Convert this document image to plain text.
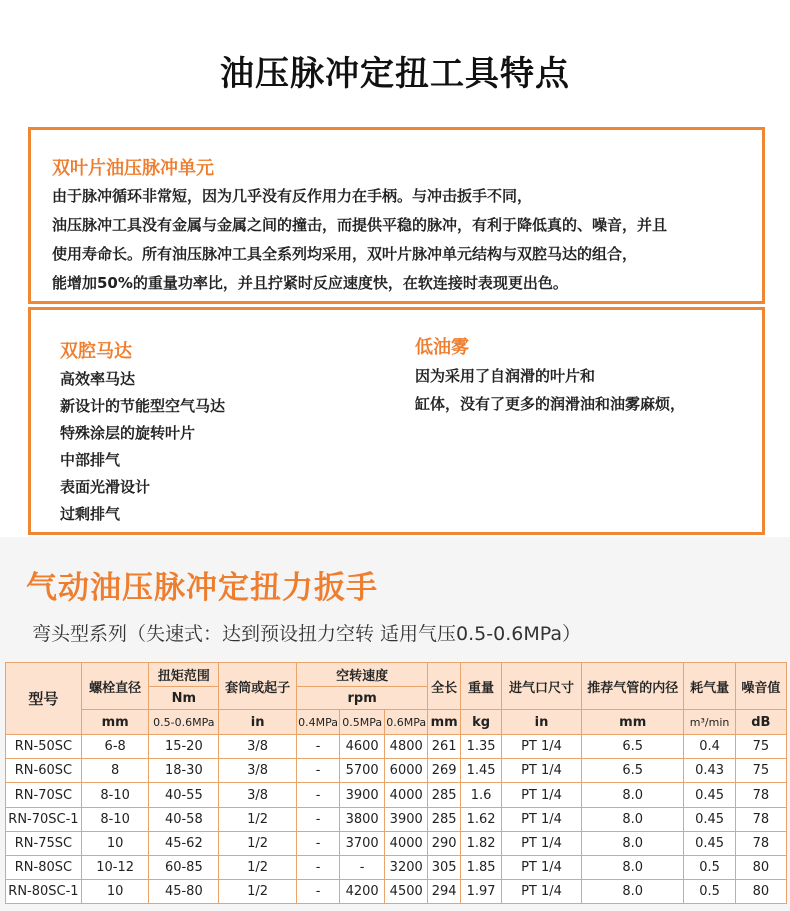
油压脉冲定扭工具特点
双叶片油压脉冲单元
由于脉冲循环非常短，因为几乎没有反作用力在手柄。与冲击扳手不同，
油压脉冲工具没有金属与金属之间的撞击，而提供平稳的脉冲，有利于降低真的、噪音，并且
使用寿命长。所有油压脉冲工具全系列均采用，双叶片脉冲单元结构与双腔马达的组合，
能增加50%的重量功率比，并且拧紧时反应速度快，在软连接时表现更出色。
双腔马达
高效率马达
新设计的节能型空气马达
特殊涂层的旋转叶片
中部排气
表面光滑设计
过剩排气
低油雾
因为采用了自润滑的叶片和
缸体，没有了更多的润滑油和油雾麻烦，
气动油压脉冲定扭力扳手
弯头型系列（失速式：达到预设扭力空转 适用气压0.5-0.6MPa）
型号	螺栓直径	扭矩范围	套筒或起子	空转速度			全长	重量	进气口尺寸	推荐气管的内径	耗气量	噪音值
		Nm		rpm								
	mm	0.5-0.6MPa	in	0.4MPa	0.5MPa	0.6MPa	mm	kg	in	mm	m³/min	dB
RN-50SC	6-8	15-20	3/8	-	4600	4800	261	1.35	PT 1/4	6.5	0.4	75
RN-60SC	8	18-30	3/8	-	5700	6000	269	1.45	PT 1/4	6.5	0.43	75
RN-70SC	8-10	40-55	3/8	-	3900	4000	285	1.6	PT 1/4	8.0	0.45	78
RN-70SC-1	8-10	40-58	1/2	-	3800	3900	285	1.62	PT 1/4	8.0	0.45	78
RN-75SC	10	45-62	1/2	-	3700	4000	290	1.82	PT 1/4	8.0	0.45	78
RN-80SC	10-12	60-85	1/2	-	-	3200	305	1.85	PT 1/4	8.0	0.5	80
RN-80SC-1	10	45-80	1/2	-	4200	4500	294	1.97	PT 1/4	8.0	0.5	80
